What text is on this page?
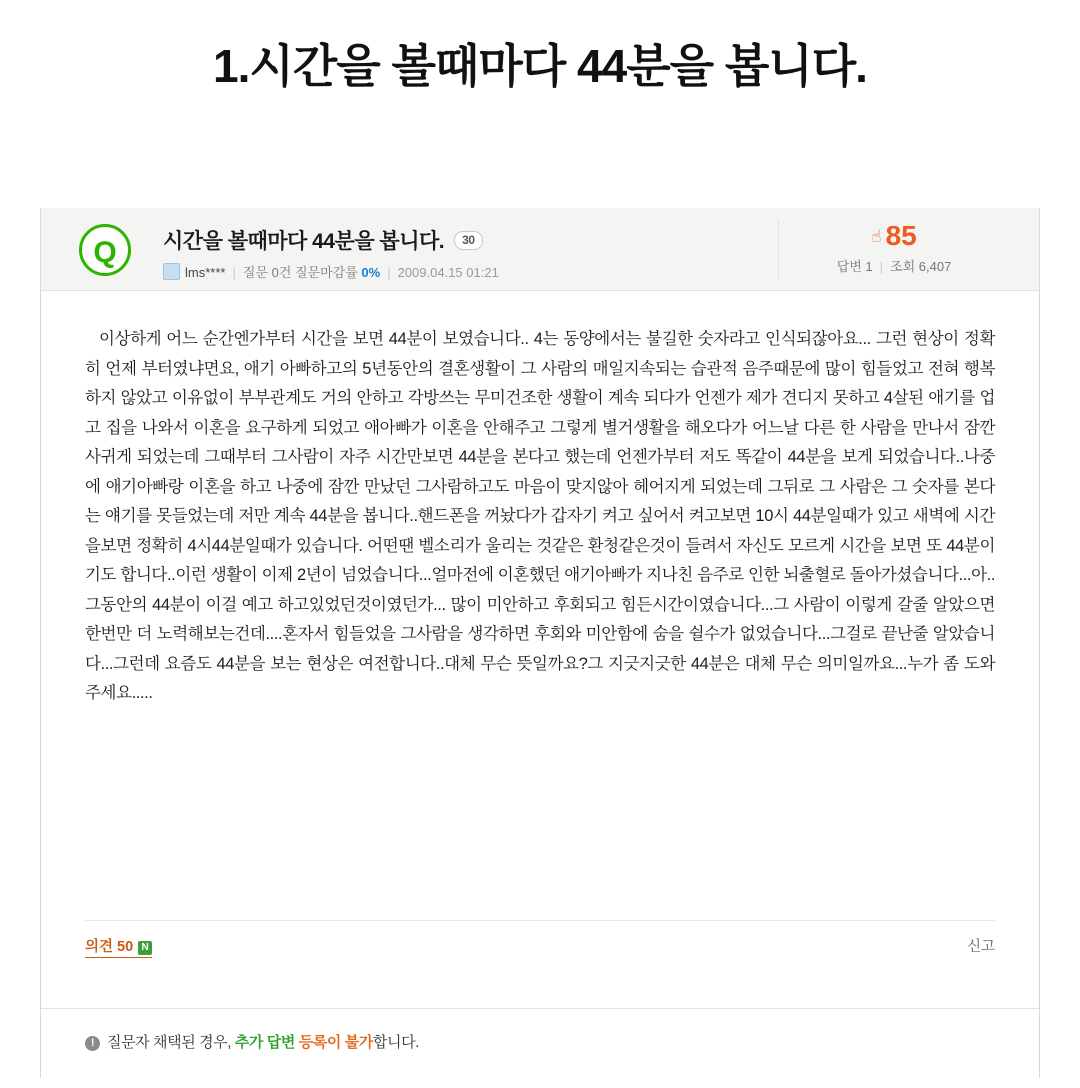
1.시간을 볼때마다 44분을 봅니다.
Q	시간을 볼때마다 44분을 봅니다. 30
lms**** | 질문 0건 질문마감률 0% | 2009.04.15 01:21
☝ 85
답변 1 | 조회 6,407

이상하게 어느 순간엔가부터 시간을 보면 44분이 보였습니다.. 4는 동양에서는 불길한 숫자라고 인식되잖아요... 그런 현상이 정확히 언제 부터였냐면요, 애기 아빠하고의 5년동안의 결혼생활이 그 사람의 매일지속되는 습관적 음주때문에 많이 힘들었고 전혀 행복하지 않았고 이유없이 부부관계도 거의 안하고 각방쓰는 무미건조한 생활이 계속 되다가 언젠가 제가 견디지 못하고 4살된 애기를 업고 집을 나와서 이혼을 요구하게 되었고 애아빠가 이혼을 안해주고 그렇게 별거생활을 해오다가 어느날 다른 한 사람을 만나서 잠깐 사귀게 되었는데 그때부터 그사람이 자주 시간만보면 44분을 본다고 했는데 언젠가부터 저도 똑같이 44분을 보게 되었습니다..나중에 애기아빠랑 이혼을 하고 나중에 잠깐 만났던 그사람하고도 마음이 맞지않아 헤어지게 되었는데 그뒤로 그 사람은 그 숫자를 본다는 얘기를 못들었는데 저만 계속 44분을 봅니다..핸드폰을 꺼놨다가 갑자기 켜고 싶어서 켜고보면 10시 44분일때가 있고 새벽에 시간을보면 정확히 4시44분일때가 있습니다. 어떤땐 벨소리가 울리는 것같은 환청같은것이 들려서 자신도 모르게 시간을 보면 또 44분이기도 합니다..이런 생활이 이제 2년이 넘었습니다...얼마전에 이혼했던 애기아빠가 지나친 음주로 인한 뇌출혈로 돌아가셨습니다...아..그동안의 44분이 이걸 예고 하고있었던것이였던가... 많이 미안하고 후회되고 힘든시간이였습니다...그 사람이 이렇게 갈줄 알았으면 한번만 더 노력해보는건데....혼자서 힘들었을 그사람을 생각하면 후회와 미안함에 숨을 쉴수가 없었습니다...그걸로 끝난줄 알았습니다...그런데 요즘도 44분을 보는 현상은 여전합니다..대체 무슨 뜻일까요?그 지긋지긋한 44분은 대체 무슨 의미일까요...누가 좀 도와주세요.....

의견 50 N	신고
! 질문자 채택된 경우, 추가 답변 등록이 불가합니다.
